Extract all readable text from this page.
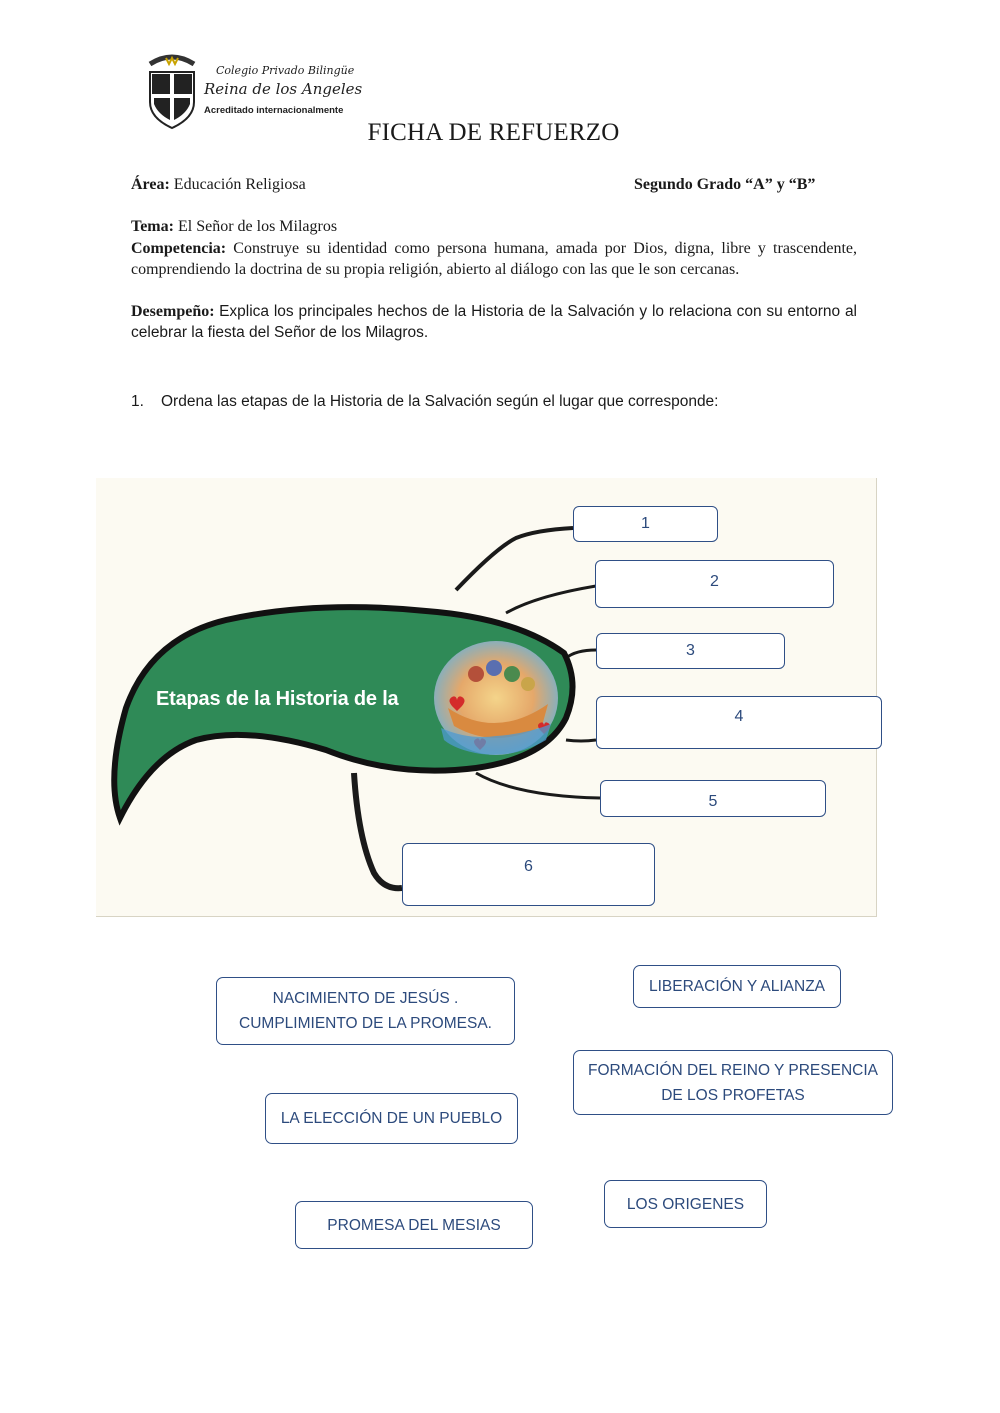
Colegio Privado Bilingüe
Reina de los Angeles
Acreditado internacionalmente
FICHA DE REFUERZO
Área: Educación Religiosa	Segundo Grado “A” y “B”
Tema: El Señor de los Milagros
Competencia: Construye su identidad como persona humana, amada por Dios, digna, libre y trascendente, comprendiendo la doctrina de su propia religión, abierto al diálogo con las que le son cercanas.
Desempeño: Explica los principales hechos de la Historia de la Salvación y lo relaciona con su entorno al celebrar la fiesta del Señor de los Milagros.
1. Ordena las etapas de la Historia de la Salvación según el lugar que corresponde:
Etapas de la Historia de la
1
2
3
4
5
6
NACIMIENTO DE JESÚS . CUMPLIMIENTO DE LA PROMESA.
LIBERACIÓN Y ALIANZA
FORMACIÓN DEL REINO Y PRESENCIA DE LOS PROFETAS
LA ELECCIÓN DE UN PUEBLO
LOS ORIGENES
PROMESA DEL MESIAS
